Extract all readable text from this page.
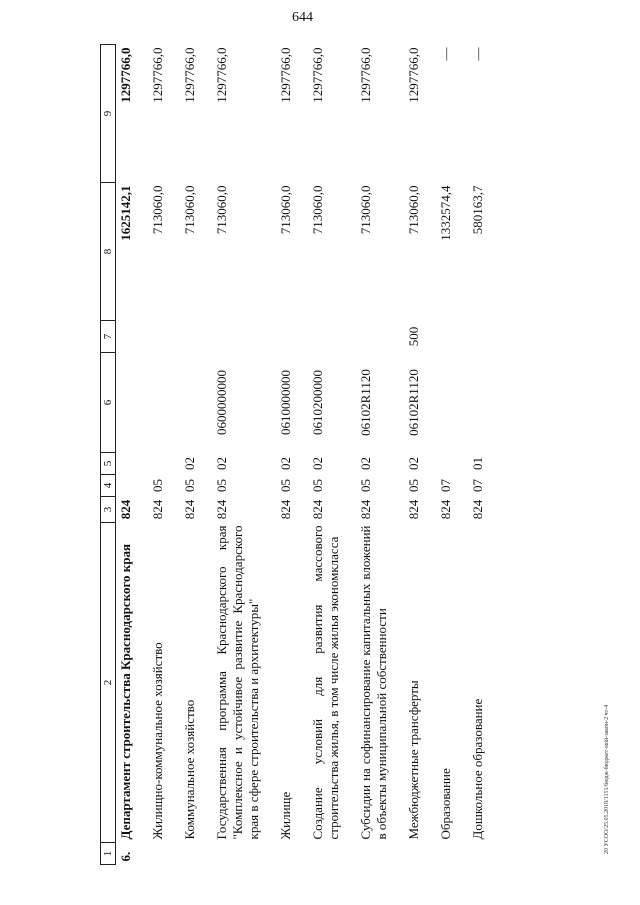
644
20 УСОО/25.05.2018/1151/бюдж-бюджет-мой-закон-2 чт-4
1	2	3	4	5	6	7	8	9
6.	Департамент строительства Краснодарского края	824					1625142,1	1297766,0
	Жилищно-коммунальное хозяйство	824	05				713060,0	1297766,0
	Коммунальное хозяйство	824	05	02			713060,0	1297766,0
	Государственная программа Краснодарского края "Комплексное и устойчивое развитие Краснодарского края в сфере строительства и архитектуры"	824	05	02	0600000000		713060,0	1297766,0
	Жилище	824	05	02	0610000000		713060,0	1297766,0
	Создание условий для развития массового строительства жилья, в том числе жилья экономкласса	824	05	02	0610200000		713060,0	1297766,0
	Субсидии на софинансирование капитальных вложений в объекты муниципальной собственности	824	05	02	06102R1120		713060,0	1297766,0
	Межбюджетные трансферты	824	05	02	06102R1120	500	713060,0	1297766,0
	Образование	824	07				1332574,4	—
	Дошкольное образование	824	07	01			580163,7	—
